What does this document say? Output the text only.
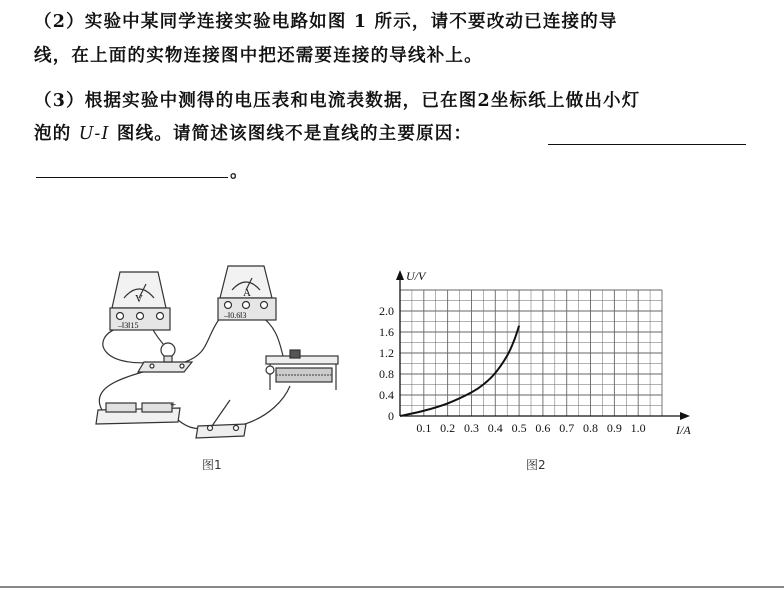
（2）实验中某同学连接实验电路如图 1 所示，请不要改动已连接的导
线，在上面的实物连接图中把还需要连接的导线补上。
（3）根据实验中测得的电压表和电流表数据，已在图2坐标纸上做出小灯
泡的 U-I 图线。请简述该图线不是直线的主要原因：
。
V
–‖3‖15
A
–‖0.6‖3
+
图1
0.1 0.2 0.3 0.4 0.5 0.6 0.7 0.8 0.9 1.0
0.4
0.8
1.2
1.6
2.0
0
I/A
U/V
图2
